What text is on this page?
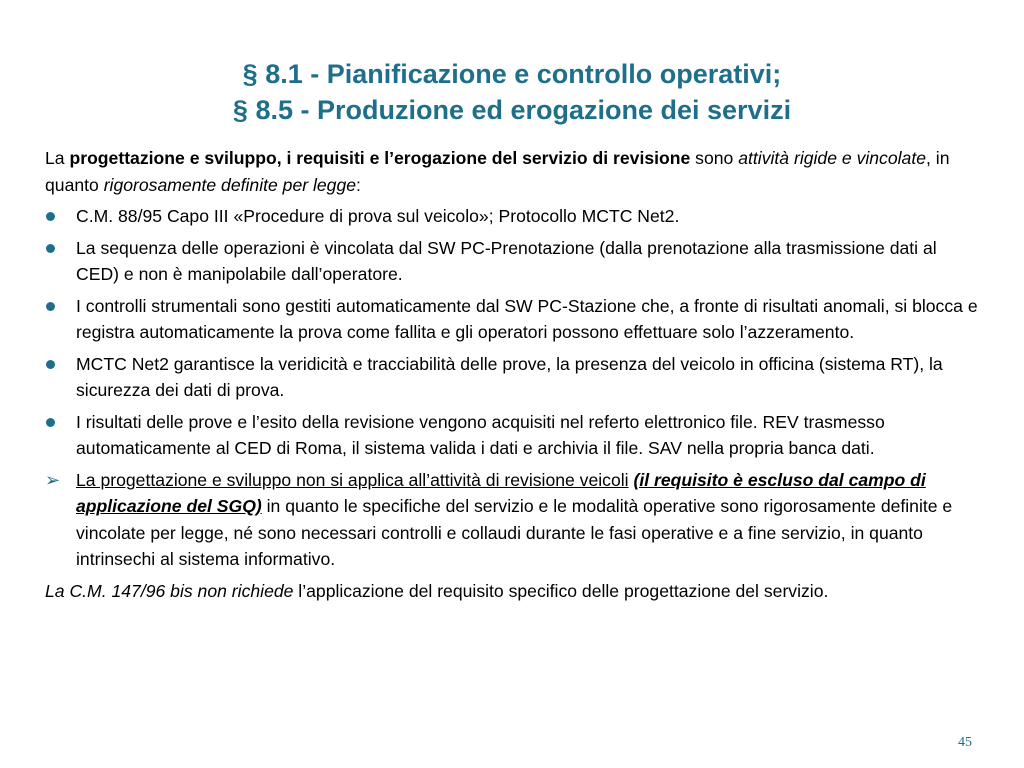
§ 8.1 - Pianificazione e controllo operativi;
§ 8.5 - Produzione ed erogazione dei servizi

La progettazione e sviluppo, i requisiti e l’erogazione del servizio di revisione sono attività rigide e vincolate, in quanto rigorosamente definite per legge:

C.M. 88/95 Capo III «Procedure di prova sul veicolo»; Protocollo MCTC Net2.
La sequenza delle operazioni è vincolata dal SW PC-Prenotazione (dalla prenotazione alla trasmissione dati al CED) e non è manipolabile dall’operatore.
I controlli strumentali sono gestiti automaticamente dal SW PC-Stazione che, a fronte di risultati anomali, si blocca e registra automaticamente la prova come fallita e gli operatori possono effettuare solo l’azzeramento.
MCTC Net2 garantisce la veridicità e tracciabilità delle prove, la presenza del veicolo in officina (sistema RT), la sicurezza dei dati di prova.
I risultati delle prove e l’esito della revisione vengono acquisiti nel referto elettronico file. REV trasmesso automaticamente al CED di Roma, il sistema valida i dati e archivia il file. SAV nella propria banca dati.
➢ La progettazione e sviluppo non si applica all’attività di revisione veicoli (il requisito è escluso dal campo di applicazione del SGQ) in quanto le specifiche del servizio e le modalità operative sono rigorosamente definite e vincolate per legge, né sono necessari controlli e collaudi durante le fasi operative e a fine servizio, in quanto intrinsechi al sistema informativo.

La C.M. 147/96 bis non richiede l’applicazione del requisito specifico delle progettazione del servizio.

45
